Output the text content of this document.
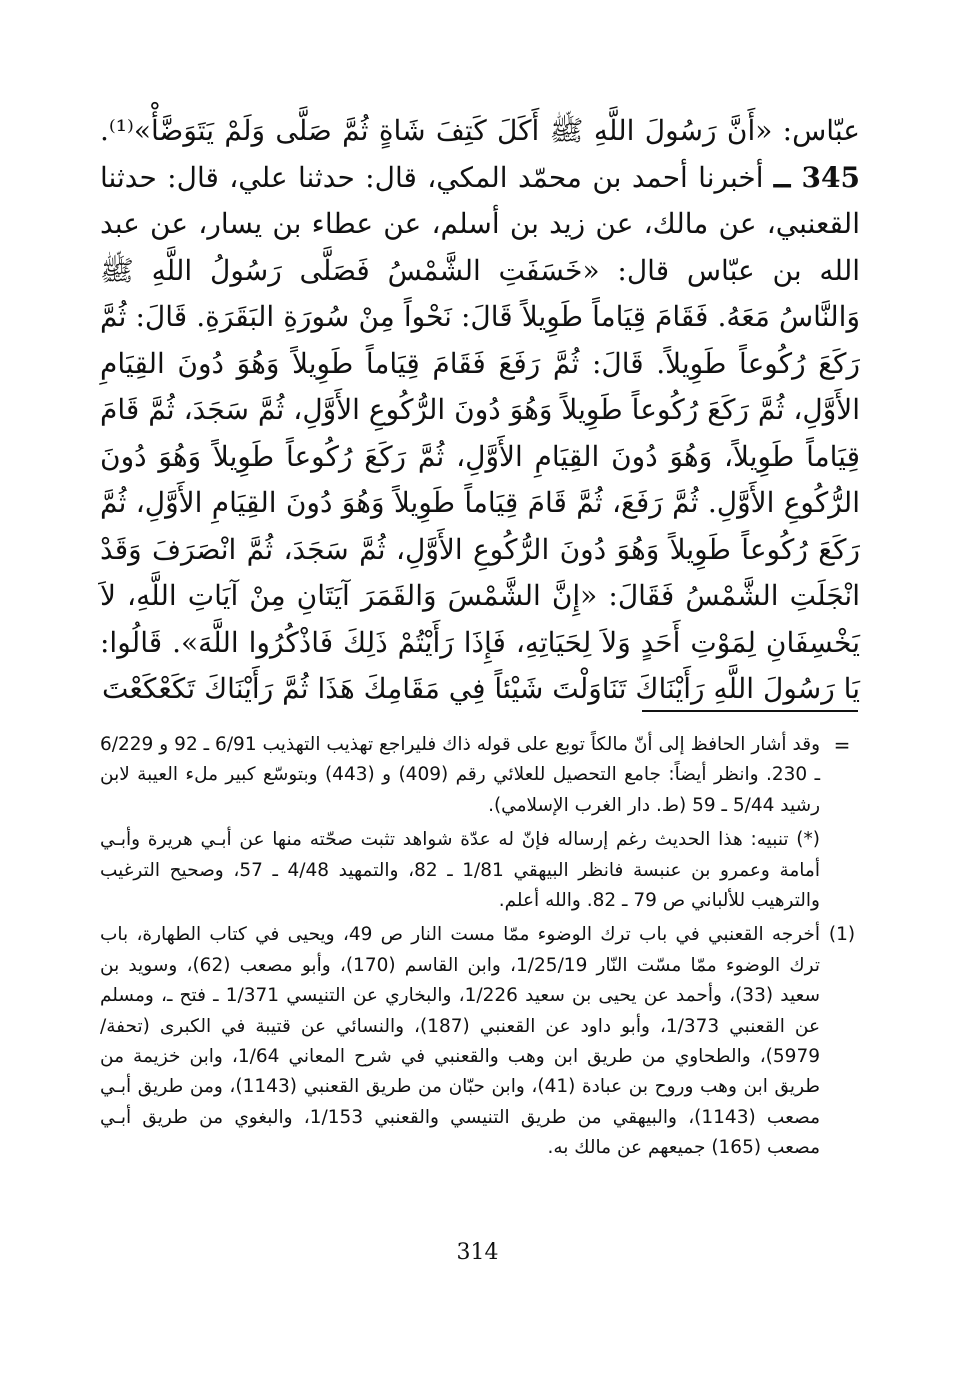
عبّاس: «أَنَّ رَسُولَ اللَّهِ ﷺ أَكَلَ كَتِفَ شَاةٍ ثُمَّ صَلَّى وَلَمْ يَتَوَضَّأْ»⁽¹⁾.

345 ــ أخبرنا أحمد بن محمّد المكي، قال: حدثنا علي، قال: حدثنا القعنبي، عن مالك، عن زيد بن أسلم، عن عطاء بن يسار، عن عبد الله بن عبّاس قال: «خَسَفَتِ الشَّمْسُ فَصَلَّى رَسُولُ اللَّهِ ﷺ وَالنَّاسُ مَعَهُ. فَقَامَ قِيَاماً طَوِيلاً قَالَ: نَحْواً مِنْ سُورَةِ البَقَرَةِ. قَالَ: ثُمَّ رَكَعَ رُكُوعاً طَوِيلاً. قَالَ: ثُمَّ رَفَعَ فَقَامَ قِيَاماً طَوِيلاً وَهُوَ دُونَ القِيَامِ الأَوَّلِ، ثُمَّ رَكَعَ رُكُوعاً طَوِيلاً وَهُوَ دُونَ الرُّكُوعِ الأَوَّلِ، ثُمَّ سَجَدَ، ثُمَّ قَامَ قِيَاماً طَوِيلاً، وَهُوَ دُونَ القِيَامِ الأَوَّلِ، ثُمَّ رَكَعَ رُكُوعاً طَوِيلاً وَهُوَ دُونَ الرُّكُوعِ الأَوَّلِ. ثُمَّ رَفَعَ، ثُمَّ قَامَ قِيَاماً طَوِيلاً وَهُوَ دُونَ القِيَامِ الأَوَّلِ، ثُمَّ رَكَعَ رُكُوعاً طَوِيلاً وَهُوَ دُونَ الرُّكُوعِ الأَوَّلِ، ثُمَّ سَجَدَ، ثُمَّ انْصَرَفَ وَقَدْ انْجَلَتِ الشَّمْسُ فَقَالَ: «إِنَّ الشَّمْسَ وَالقَمَرَ آيَتَانِ مِنْ آيَاتِ اللَّهِ، لاَ يَخْسِفَانِ لِمَوْتِ أَحَدٍ وَلاَ لِحَيَاتِهِ، فَإِذَا رَأَيْتُمْ ذَلِكَ فَاذْكُرُوا اللَّهَ». قَالُوا: يَا رَسُولَ اللَّهِ رَأَيْنَاكَ تَنَاوَلْتَ شَيْئاً فِي مَقَامِكَ هَذَا ثُمَّ رَأَيْنَاكَ تَكَعْكَعْتَ

=
وقد أشار الحافظ إلى أنّ مالكاً توبع على قوله ذاك فليراجع تهذيب التهذيب 6/91 ـ 92 و 6/229 ـ 230. وانظر أيضاً: جامع التحصيل للعلائي رقم (409) و (443) وبتوسّع كبير ملء العيبة لابن رشيد 5/44 ـ 59 (ط. دار الغرب الإسلامي).
(*) تنبيه: هذا الحديث رغم إرساله فإنّ له عدّة شواهد تثبت صحّته منها عن أبـي هريرة وأبـي أمامة وعمرو بن عنبسة فانظر البيهقي 1/81 ـ 82، والتمهيد 4/48 ـ 57، وصحيح الترغيب والترهيب للألباني ص 79 ـ 82. والله أعلم.
(1)
أخرجه القعنبي في باب ترك الوضوء ممّا مست النار ص 49، ويحيى في كتاب الطهارة، باب ترك الوضوء ممّا مسّت النّار 1/25/19، وابن القاسم (170)، وأبو مصعب (62)، وسويد بن سعيد (33)، وأحمد عن يحيى بن سعيد 1/226، والبخاري عن التنيسي 1/371 ـ فتح ـ، ومسلم عن القعنبي 1/373، وأبو داود عن القعنبي (187)، والنسائي عن قتيبة في الكبرى (تحفة/ 5979)، والطحاوي من طريق ابن وهب والقعنبي في شرح المعاني 1/64، وابن خزيمة من طريق ابن وهب وروح بن عبادة (41)، وابن حبّان من طريق القعنبي (1143)، ومن طريق أبـي مصعب (1143)، والبيهقي من طريق التنيسي والقعنبي 1/153، والبغوي من طريق أبـي مصعب (165) جميعهم عن مالك به.
314
